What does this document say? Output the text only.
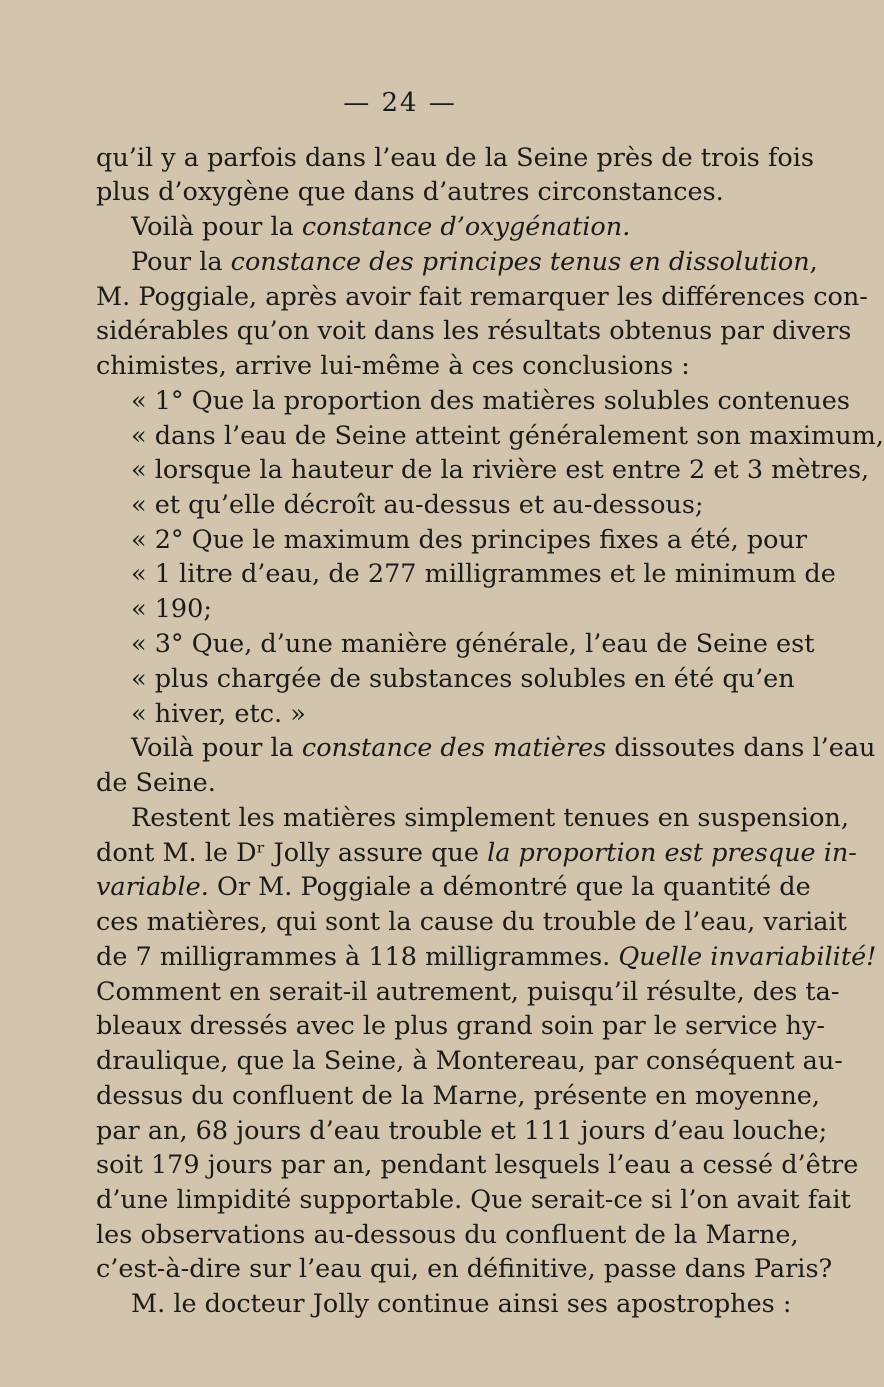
— 24 —
qu’il y a parfois dans l’eau de la Seine près de trois fois
plus d’oxygène que dans d’autres circonstances.
Voilà pour la constance d’oxygénation.
Pour la constance des principes tenus en dissolution,
M. Poggiale, après avoir fait remarquer les différences con-
sidérables qu’on voit dans les résultats obtenus par divers
chimistes, arrive lui-même à ces conclusions :
« 1° Que la proportion des matières solubles contenues
« dans l’eau de Seine atteint généralement son maximum,
« lorsque la hauteur de la rivière est entre 2 et 3 mètres,
« et qu’elle décroît au-dessus et au-dessous;
« 2° Que le maximum des principes fixes a été, pour
« 1 litre d’eau, de 277 milligrammes et le minimum de
« 190;
« 3° Que, d’une manière générale, l’eau de Seine est
« plus chargée de substances solubles en été qu’en
« hiver, etc. »
Voilà pour la constance des matières dissoutes dans l’eau
de Seine.
Restent les matières simplement tenues en suspension,
dont M. le Dʳ Jolly assure que la proportion est presque in-
variable. Or M. Poggiale a démontré que la quantité de
ces matières, qui sont la cause du trouble de l’eau, variait
de 7 milligrammes à 118 milligrammes. Quelle invariabilité!
Comment en serait-il autrement, puisqu’il résulte, des ta-
bleaux dressés avec le plus grand soin par le service hy-
draulique, que la Seine, à Montereau, par conséquent au-
dessus du confluent de la Marne, présente en moyenne,
par an, 68 jours d’eau trouble et 111 jours d’eau louche;
soit 179 jours par an, pendant lesquels l’eau a cessé d’être
d’une limpidité supportable. Que serait-ce si l’on avait fait
les observations au-dessous du confluent de la Marne,
c’est-à-dire sur l’eau qui, en définitive, passe dans Paris?
M. le docteur Jolly continue ainsi ses apostrophes :
